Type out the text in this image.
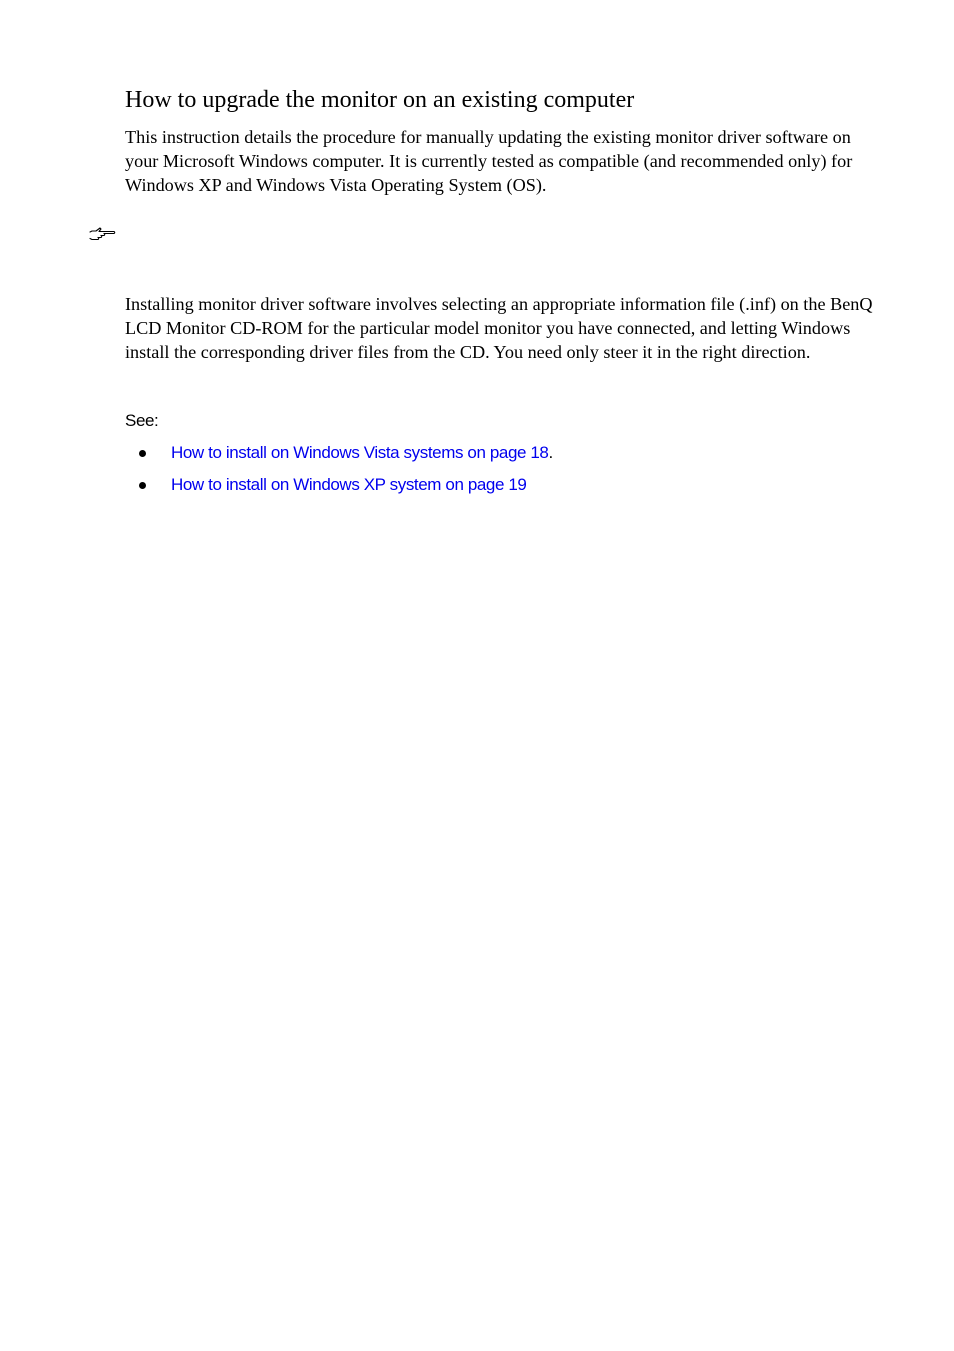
How to upgrade the monitor on an existing computer

This instruction details the procedure for manually updating the existing monitor driver software on your Microsoft Windows computer. It is currently tested as compatible (and recommended only) for Windows XP and Windows Vista Operating System (OS).

Installing monitor driver software involves selecting an appropriate information file (.inf) on the BenQ LCD Monitor CD-ROM for the particular model monitor you have connected, and letting Windows install the corresponding driver files from the CD. You need only steer it in the right direction.

See:

How to install on Windows Vista systems on page 18.
How to install on Windows XP system on page 19
